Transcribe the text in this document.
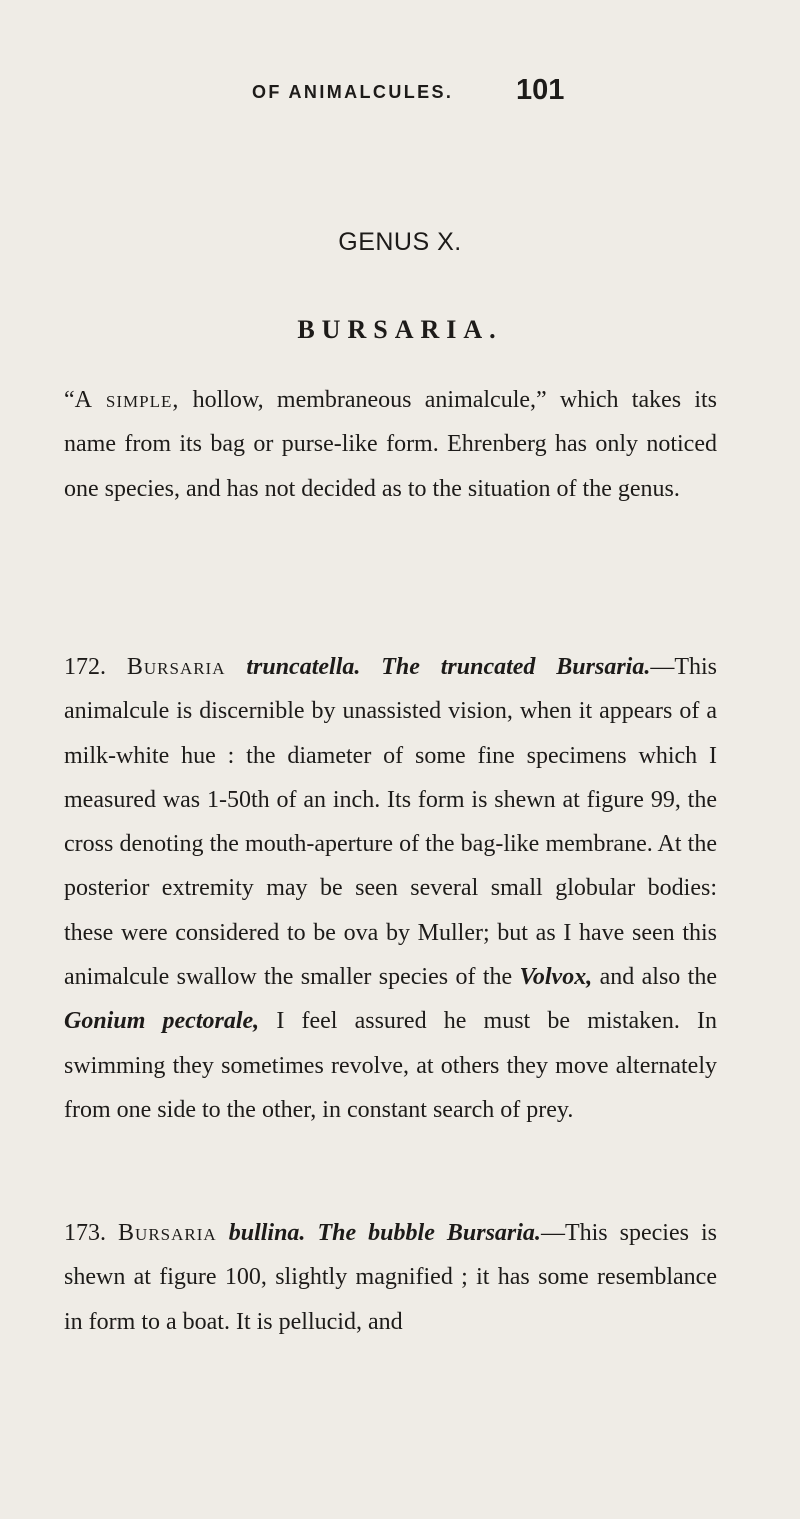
OF ANIMALCULES. 101
GENUS X.
BURSARIA.

“A simple, hollow, membraneous animalcule,” which takes its name from its bag or purse-like form. Ehrenberg has only noticed one species, and has not decided as to the situation of the genus.

172. Bursaria truncatella. The truncated Bursaria.—This animalcule is discernible by unassisted vision, when it appears of a milk-white hue : the diameter of some fine specimens which I measured was 1-50th of an inch. Its form is shewn at figure 99, the cross denoting the mouth-aperture of the bag-like membrane. At the posterior extremity may be seen several small globular bodies: these were considered to be ova by Muller; but as I have seen this animalcule swallow the smaller species of the Volvox, and also the Gonium pectorale, I feel assured he must be mistaken. In swimming they sometimes revolve, at others they move alternately from one side to the other, in constant search of prey.

173. Bursaria bullina. The bubble Bursaria.—This species is shewn at figure 100, slightly magnified ; it has some resemblance in form to a boat. It is pellucid, and
